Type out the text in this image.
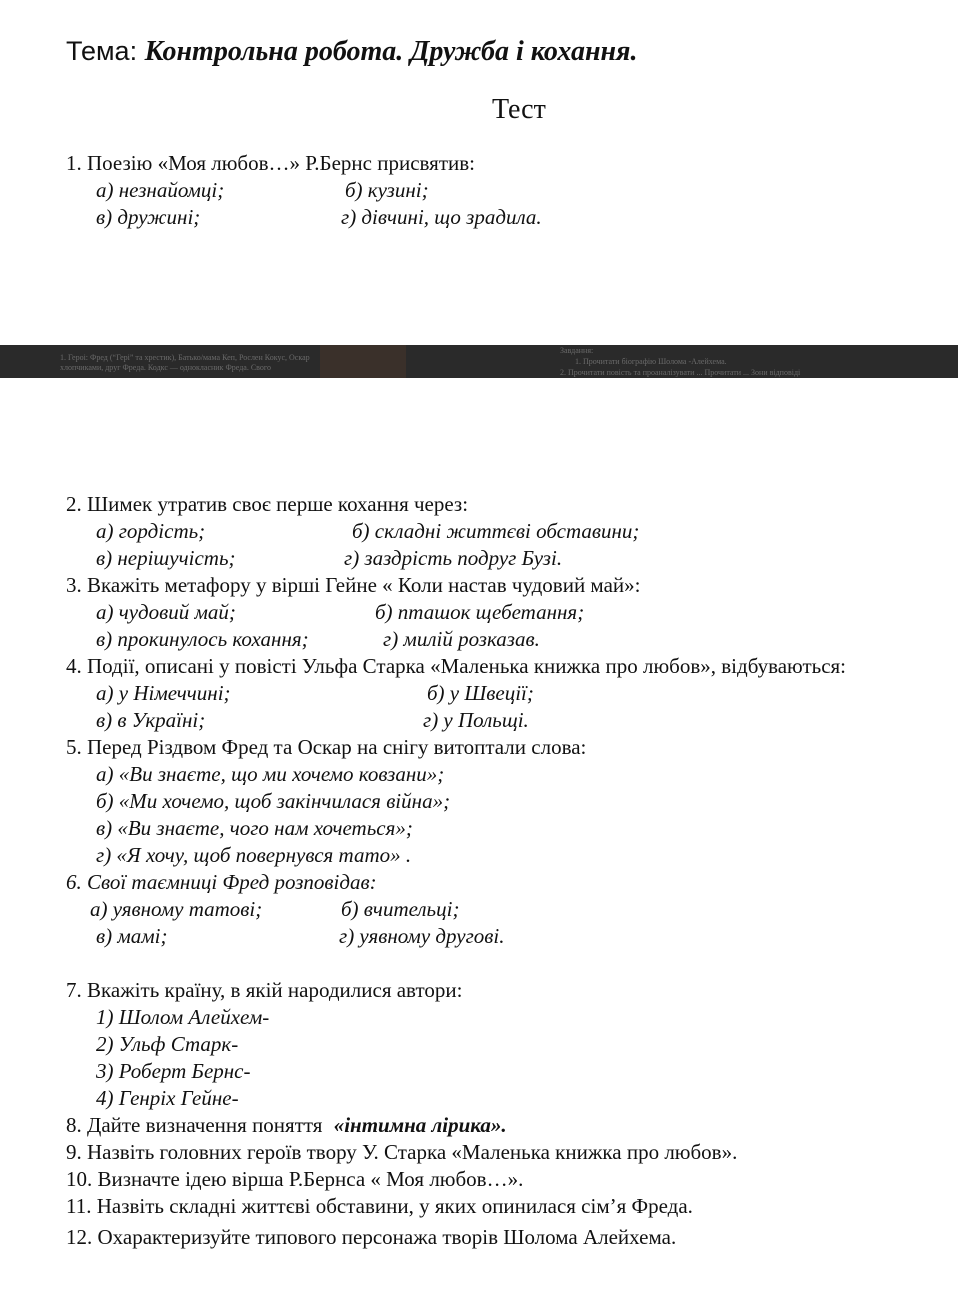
Тема: Контрольна робота. Дружба і кохання.
Тест
1. Поезію «Моя любов…» Р.Бернс присвятив:
а) незнайомці;	б) кузині;
в) дружині;	г) дівчині, що зрадила.
1. Героі: Фред (“Гері” та хрестик), Батько/мама Кеп, Рослен Кокус, Оскар
хлопчиками, друг Фреда. Кодкс — однокласник Фреда. Свого
Завдання:
1. Прочитати біографію Шолома -Алейхема.
2. Прочитати повість та проаналізувати ... Прочитати ... Зони відповіді
2. Шимек утратив своє перше кохання через:
а) гордість;	б) складні життєві обставини;
в) нерішучість;	г) заздрість подруг Бузі.
3. Вкажіть метафору у вірші Гейне « Коли настав чудовий май»:
а) чудовий май;	б) пташок щебетання;
в) прокинулось кохання;	г) милій розказав.
4. Події, описані у повісті Ульфа Старка «Маленька книжка про любов», відбуваються:
а) у Німеччині;	б) у Швеції;
в) в Україні;	г) у Польщі.
5. Перед Різдвом Фред та Оскар на снігу витоптали слова:
а) «Ви знаєте, що ми хочемо ковзани»;
б) «Ми хочемо, щоб закінчилася війна»;
в) «Ви знаєте, чого нам хочеться»;
г) «Я хочу, щоб повернувся тато» .
6. Свої таємниці Фред розповідав:
а) уявному татові;	б) вчительці;
в) мамі;	г) уявному другові.
7. Вкажіть країну, в якій народилися автори:
1) Шолом Алейхем-
2) Ульф Старк-
3) Роберт Бернс-
4) Генріх Гейне-
8. Дайте визначення поняття «інтимна лірика».
9. Назвіть головних героїв твору У. Старка «Маленька книжка про любов».
10. Визначте ідею вірша Р.Бернса « Моя любов…».
11. Назвіть складні життєві обставини, у яких опинилася сім’я Фреда.
12. Охарактеризуйте типового персонажа творів Шолома Алейхема.
